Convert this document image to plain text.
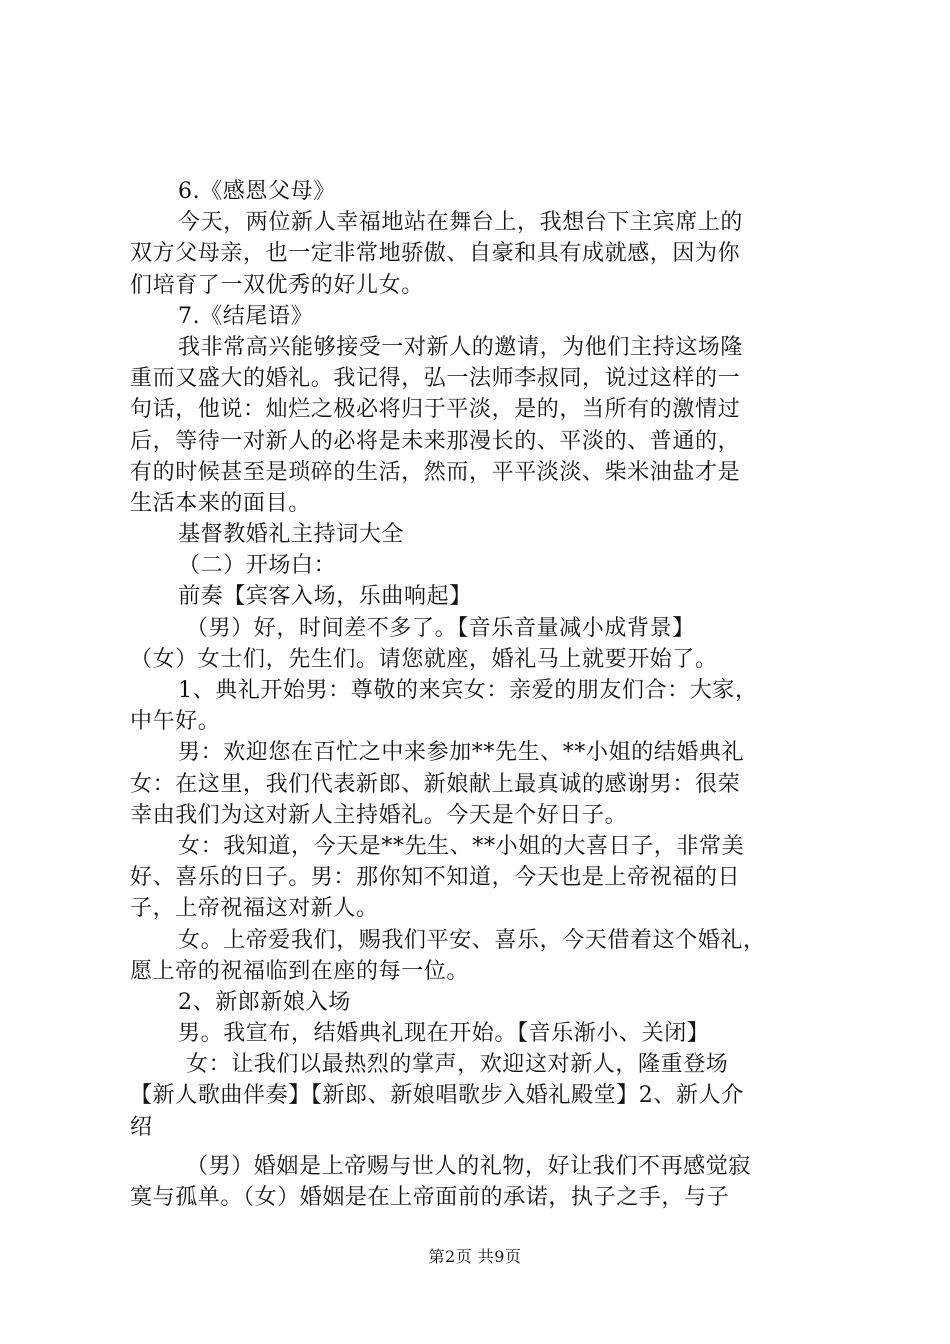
6.《感恩父母》
今天，两位新人幸福地站在舞台上，我想台下主宾席上的
双方父母亲，也一定非常地骄傲、自豪和具有成就感，因为你
们培育了一双优秀的好儿女。
7.《结尾语》
我非常高兴能够接受一对新人的邀请，为他们主持这场隆
重而又盛大的婚礼。我记得，弘一法师李叔同，说过这样的一
句话，他说：灿烂之极必将归于平淡，是的，当所有的激情过
后，等待一对新人的必将是未来那漫长的、平淡的、普通的，
有的时候甚至是琐碎的生活，然而，平平淡淡、柴米油盐才是
生活本来的面目。
基督教婚礼主持词大全
（二）开场白：
前奏【宾客入场，乐曲响起】
（男）好，时间差不多了。【音乐音量减小成背景】
（女）女士们，先生们。请您就座，婚礼马上就要开始了。
1、典礼开始男：尊敬的来宾女：亲爱的朋友们合：大家，
中午好。
男：欢迎您在百忙之中来参加**先生、**小姐的结婚典礼
女：在这里，我们代表新郎、新娘献上最真诚的感谢男：很荣
幸由我们为这对新人主持婚礼。今天是个好日子。
女：我知道，今天是**先生、**小姐的大喜日子，非常美
好、喜乐的日子。男：那你知不知道，今天也是上帝祝福的日
子，上帝祝福这对新人。
女。上帝爱我们，赐我们平安、喜乐，今天借着这个婚礼，
愿上帝的祝福临到在座的每一位。
2、新郎新娘入场
男。我宣布，结婚典礼现在开始。【音乐渐小、关闭】
女：让我们以最热烈的掌声，欢迎这对新人，隆重登场
【新人歌曲伴奏】【新郎、新娘唱歌步入婚礼殿堂】2、新人介
绍
（男）婚姻是上帝赐与世人的礼物，好让我们不再感觉寂
寞与孤单。（女）婚姻是在上帝面前的承诺，执子之手，与子
第2页 共9页
